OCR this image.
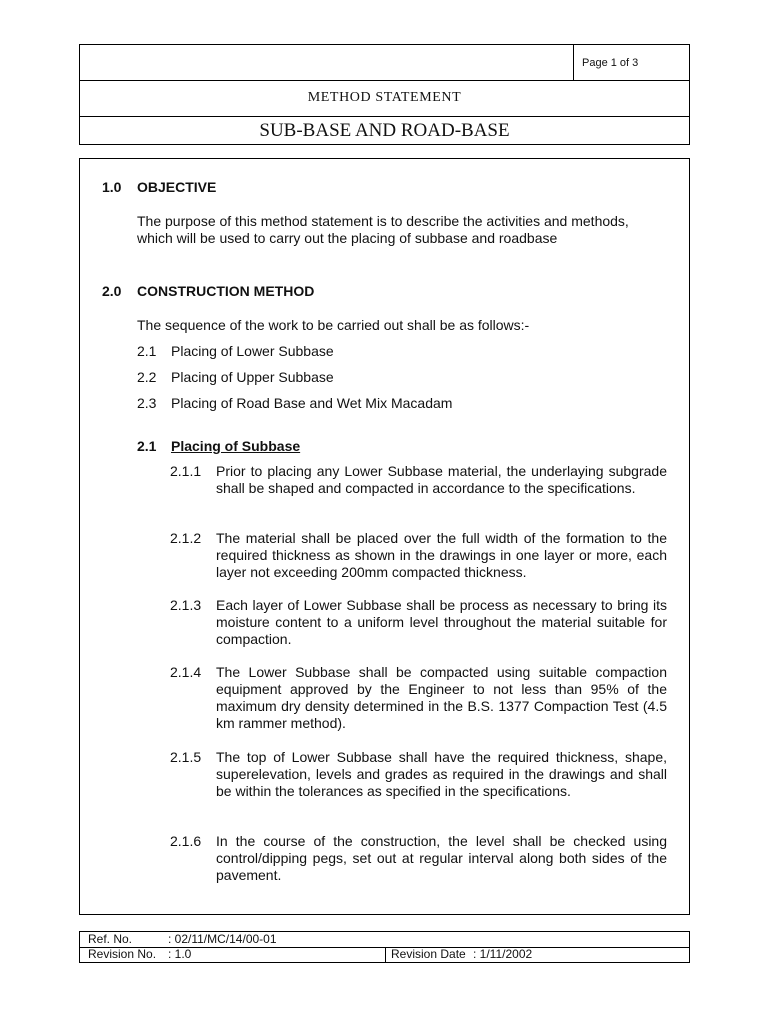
Page 1 of 3
METHOD STATEMENT
SUB-BASE AND ROAD-BASE
1.0 OBJECTIVE
The purpose of this method statement is to describe the activities and methods,
which will be used to carry out the placing of subbase and roadbase
2.0 CONSTRUCTION METHOD
The sequence of the work to be carried out shall be as follows:-
2.1 Placing of Lower Subbase
2.2 Placing of Upper Subbase
2.3 Placing of Road Base and Wet Mix Macadam
2.1 Placing of Subbase
2.1.1 Prior to placing any Lower Subbase material, the underlaying subgrade shall be shaped and compacted in accordance to the specifications.
2.1.2 The material shall be placed over the full width of the formation to the required thickness as shown in the drawings in one layer or more, each layer not exceeding 200mm compacted thickness.
2.1.3 Each layer of Lower Subbase shall be process as necessary to bring its moisture content to a uniform level throughout the material suitable for compaction.
2.1.4 The Lower Subbase shall be compacted using suitable compaction equipment approved by the Engineer to not less than 95% of the maximum dry density determined in the B.S. 1377 Compaction Test (4.5 km rammer method).
2.1.5 The top of Lower Subbase shall have the required thickness, shape, superelevation, levels and grades as required in the drawings and shall be within the tolerances as specified in the specifications.
2.1.6 In the course of the construction, the level shall be checked using control/dipping pegs, set out at regular interval along both sides of the pavement.
Ref. No.	: 02/11/MC/14/00-01
Revision No. : 1.0	Revision Date : 1/11/2002
